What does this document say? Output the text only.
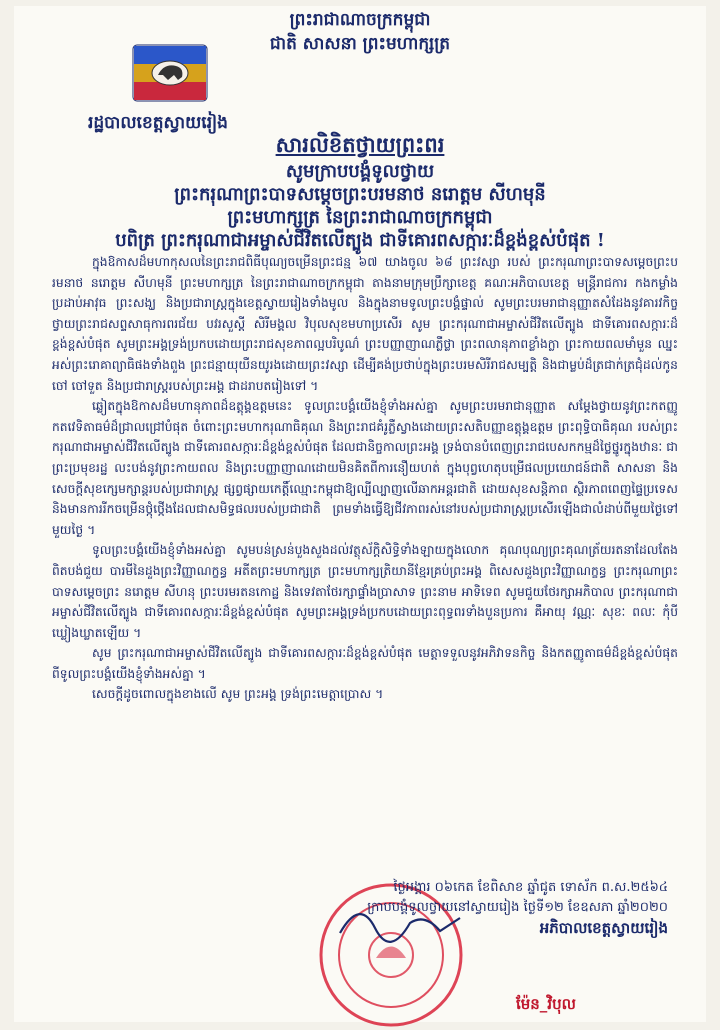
ព្រះរាជាណាចក្រកម្ពុជា
ជាតិ សាសនា ព្រះមហាក្សត្រ
រដ្ឋបាលខេត្តស្វាយរៀង
សារលិខិតថ្វាយព្រះពរ
សូមក្រាបបង្គំទូលថ្វាយ
ព្រះករុណាព្រះបាទសម្តេចព្រះបរមនាថ នរោត្តម សីហមុនី
ព្រះមហាក្សត្រ នៃព្រះរាជាណាចក្រកម្ពុជា
បពិត្រ ព្រះករុណាជាអម្ចាស់ជីវិតលើត្បូង ជាទីគោរពសក្ការៈដ៏ខ្ពង់ខ្ពស់បំផុត !

ក្នុងឱកាសដ៏មហាកុសលនៃព្រះរាជពិធីបុណ្យចម្រើនព្រះជន្ម ៦៧ យាងចូល ៦៨ ព្រះវស្សា របស់ ព្រះករុណាព្រះបាទសម្តេចព្រះបរមនាថ នរោត្តម សីហមុនី ព្រះមហាក្សត្រ នៃព្រះរាជាណាចក្រកម្ពុជា តាងនាមក្រុមប្រឹក្សាខេត្ត គណៈអភិបាលខេត្ត មន្ត្រីរាជការ កងកម្លាំងប្រដាប់អាវុធ ព្រះសង្ឃ និងប្រជារាស្ត្រក្នុងខេត្តស្វាយរៀងទាំងមូល និងក្នុងនាមទូលព្រះបង្គំផ្ទាល់ សូមព្រះបរមរាជានុញ្ញាតសំដែងនូវគារវកិច្ចថ្វាយព្រះរាជសព្ទសាធុការពរជ័យ បវរសួស្តី សិរីមង្គល វិបុលសុខមហាប្រសើរ សូម ព្រះករុណាជាអម្ចាស់ជីវិតលើត្បូង ជាទីគោរពសក្ការៈដ៏ខ្ពង់ខ្ពស់បំផុត សូមព្រះអង្គទ្រង់ប្រកបដោយព្រះរាជសុខភាពល្អបរិបូណ៌ ព្រះបញ្ញាញាណភ្លឺថ្លា ព្រះពលានុភាពខ្លាំងក្លា ព្រះកាយពលមាំមួន ឈ្នះអស់ព្រះរោគាព្យាធិផងទាំងពួង ព្រះជន្មាយុយឺនយូរងដោយព្រះវស្សា ដើម្បីគង់ប្រថាប់ក្នុងព្រះបរមសិរីរាជសម្បត្តិ និងជាម្លប់ដ៏ត្រជាក់ត្រជុំដល់កូន ចៅ ចៅទួត និងប្រជារាស្ត្ររបស់ព្រះអង្គ ជាដរាបតរៀងទៅ ។

ឆ្លៀតក្នុងឱកាសដ៏មហានុភាពដ៏ឧត្តុង្គឧត្តមនេះ ទូលព្រះបង្គំយើងខ្ញុំទាំងអស់គ្នា សូមព្រះបរមរាជានុញ្ញាត សម្តែងថ្វាយនូវព្រះកតញ្ញូកតវេទិតាធម៌ដ៏ជ្រាលជ្រៅបំផុត ចំពោះព្រះមហាករុណាធិគុណ និងព្រះរាជគំរូភ្លឺស្វាងដោយព្រះសតិបញ្ញាឧត្តុង្គឧត្តម ព្រះពុទ្ធិបាធិគុណ របស់ព្រះករុណាជាអម្ចាស់ជីវិតលើត្បូង ជាទីគោរពសក្ការៈដ៏ខ្ពង់ខ្ពស់បំផុត ដែលជានិច្ចកាលព្រះអង្គ ទ្រង់បានបំពេញព្រះរាជបេសកកម្មដ៏ថ្លៃថ្នូរក្នុងឋានៈ ជាព្រះប្រមុខរដ្ឋ លះបង់នូវព្រះកាយពល និងព្រះបញ្ញាញាណដោយមិនគិតពីការនឿយហត់ ក្នុងបុព្វហេតុបម្រើផលប្រយោជន៍ជាតិ សាសនា និងសេចក្តីសុខក្សេមក្សាន្តរបស់ប្រជារាស្ត្រ ផ្សព្វផ្សាយកេត្តិ៍ឈ្មោះកម្ពុជាឱ្យល្បីល្បាញលើឆាកអន្តរជាតិ ដោយសុខសន្តិភាព ស្ថិរភាពពេញផ្ទៃប្រទេស និងមានការរីកចម្រើនថ្កុំថ្កើងដែលជាសមិទ្ធផលរបស់ប្រជាជាតិ ព្រមទាំងធ្វើឱ្យជីវភាពរស់នៅរបស់ប្រជារាស្ត្រប្រសើរឡើងជាលំដាប់ពីមួយថ្ងៃទៅមួយថ្ងៃ ។

ទូលព្រះបង្គំយើងខ្ញុំទាំងអស់គ្នា សូមបន់ស្រន់បួងសួងដល់វត្ថុស័ក្តិសិទ្ធិទាំងឡាយក្នុងលោក គុណបុណ្យព្រះគុណត្រ័យរតនាដែលតែងពិតបង់ជួយ បារមីនៃដួងព្រះវិញ្ញាណក្ខន្ធ អតីតព្រះមហាក្សត្រ ព្រះមហាក្សត្រិយានីខ្មែរគ្រប់ព្រះអង្គ ពិសេសដួងព្រះវិញ្ញាណក្ខន្ធ ព្រះករុណាព្រះបាទសម្តេចព្រះ នរោត្តម សីហនុ ព្រះបរមរតនកោដ្ឋ និងទេវតាថែរក្សាផ្ទាំងប្រាសាទ ព្រះនាម អាទិទេព សូមជួយថែរក្សាអភិបាល ព្រះករុណាជាអម្ចាស់ជីវិតលើត្បូង ជាទីគោរពសក្ការៈដ៏ខ្ពង់ខ្ពស់បំផុត សូមព្រះអង្គទ្រង់ប្រកបដោយព្រះពុទ្ធពរទាំងបួនប្រការ គឺអាយុ វណ្ណៈ សុខៈ ពលៈ កុំបីឃ្លៀងឃ្លាតឡើយ ។

សូម ព្រះករុណាជាអម្ចាស់ជីវិតលើត្បូង ជាទីគោរពសក្ការៈដ៏ខ្ពង់ខ្ពស់បំផុត មេត្តាទទួលនូវអភិវាទនកិច្ច និងកតញ្ញូតាធម៌ដ៏ខ្ពង់ខ្ពស់បំផុត ពីទូលព្រះបង្គំយើងខ្ញុំទាំងអស់គ្នា ។

សេចក្តីដូចពោលក្នុងខាងលើ សូម ព្រះអង្គ ទ្រង់ព្រះមេត្តាប្រោស ។

ថ្ងៃអង្គារ ០៦កេត ខែពិសាខ ឆ្នាំជូត ទោស័ក ព.ស.២៥៦៤
ក្រាបបង្គំទូលថ្វាយនៅស្វាយរៀង ថ្ងៃទី១២ ខែឧសភា ឆ្នាំ២០២០
អភិបាលខេត្តស្វាយរៀង
ម៉ែន_វិបុល
